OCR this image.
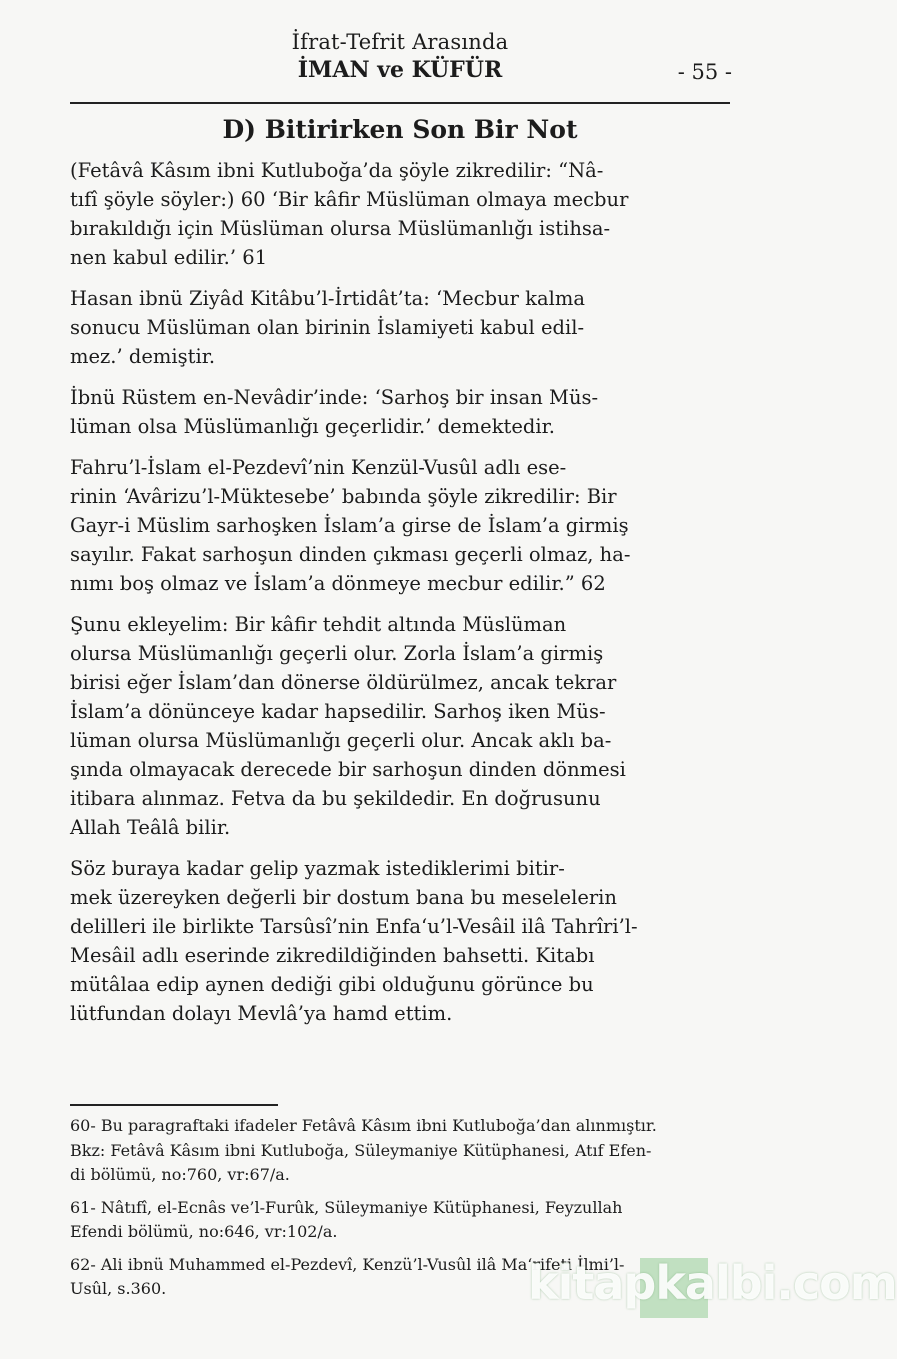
İfrat-Tefrit Arasında
İMAN ve KÜFÜR	- 55 -
D) Bitirirken Son Bir Not

(Fetâvâ Kâsım ibni Kutluboğa’da şöyle zikredilir: “Nâ-
tıfî şöyle söyler:) 60 ‘Bir kâfir Müslüman olmaya mecbur
bırakıldığı için Müslüman olursa Müslümanlığı istihsa-
nen kabul edilir.’ 61

Hasan ibnü Ziyâd Kitâbu’l-İrtidât’ta: ‘Mecbur kalma
sonucu Müslüman olan birinin İslamiyeti kabul edil-
mez.’ demiştir.

İbnü Rüstem en-Nevâdir’inde: ‘Sarhoş bir insan Müs-
lüman olsa Müslümanlığı geçerlidir.’ demektedir.

Fahru’l-İslam el-Pezdevî’nin Kenzül-Vusûl adlı ese-
rinin ‘Avârizu’l-Müktesebe’ babında şöyle zikredilir: Bir
Gayr-i Müslim sarhoşken İslam’a girse de İslam’a girmiş
sayılır. Fakat sarhoşun dinden çıkması geçerli olmaz, ha-
nımı boş olmaz ve İslam’a dönmeye mecbur edilir.” 62

Şunu ekleyelim: Bir kâfir tehdit altında Müslüman
olursa Müslümanlığı geçerli olur. Zorla İslam’a girmiş
birisi eğer İslam’dan dönerse öldürülmez, ancak tekrar
İslam’a dönünceye kadar hapsedilir. Sarhoş iken Müs-
lüman olursa Müslümanlığı geçerli olur. Ancak aklı ba-
şında olmayacak derecede bir sarhoşun dinden dönmesi
itibara alınmaz. Fetva da bu şekildedir. En doğrusunu
Allah Teâlâ bilir.

Söz buraya kadar gelip yazmak istediklerimi bitir-
mek üzereyken değerli bir dostum bana bu meselelerin
delilleri ile birlikte Tarsûsî’nin Enfa‘u’l-Vesâil ilâ Tahrîri’l-
Mesâil adlı eserinde zikredildiğinden bahsetti. Kitabı
mütâlaa edip aynen dediği gibi olduğunu görünce bu
lütfundan dolayı Mevlâ’ya hamd ettim.

60- Bu paragraftaki ifadeler Fetâvâ Kâsım ibni Kutluboğa’dan alınmıştır.
Bkz: Fetâvâ Kâsım ibni Kutluboğa, Süleymaniye Kütüphanesi, Atıf Efen-
di bölümü, no:760, vr:67/a.

61- Nâtıfî, el-Ecnâs ve’l-Furûk, Süleymaniye Kütüphanesi, Feyzullah
Efendi bölümü, no:646, vr:102/a.

62- Ali ibnü Muhammed el-Pezdevî, Kenzü’l-Vusûl ilâ Ma‘rifeti İlmi’l-
Usûl, s.360.	kitapkalbi.com
